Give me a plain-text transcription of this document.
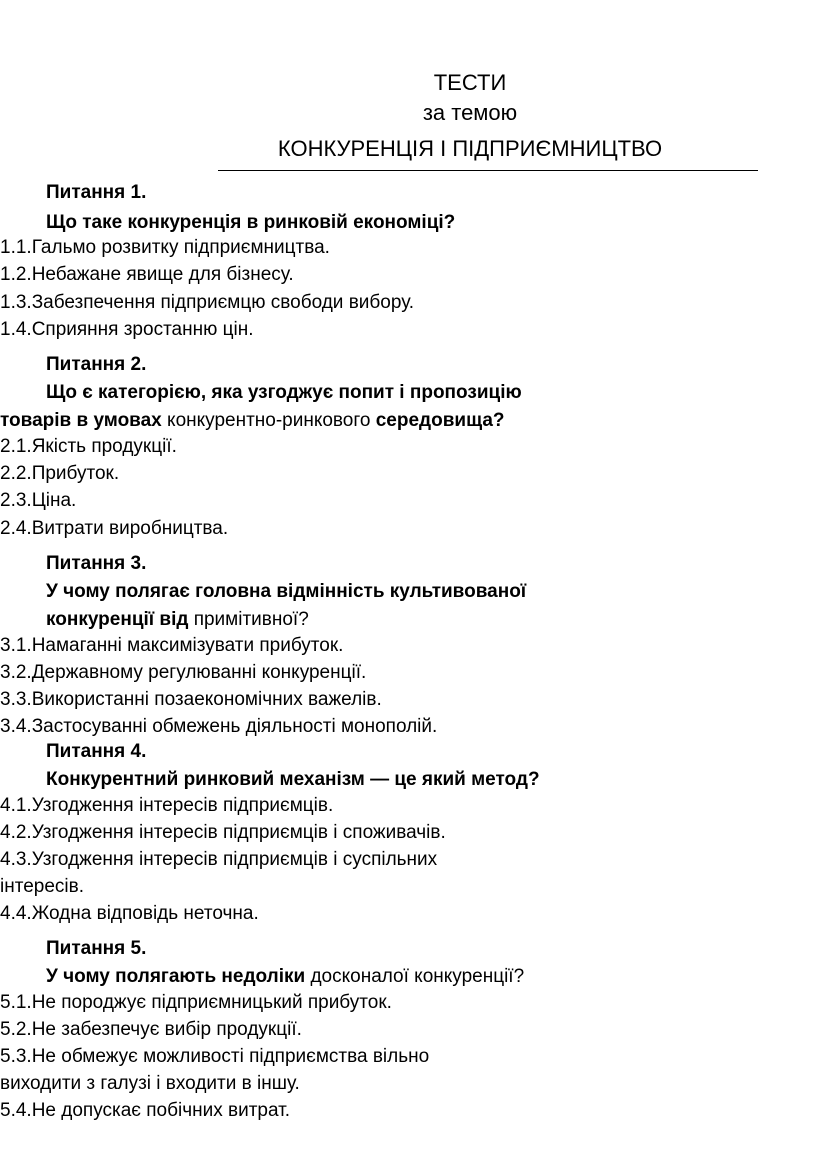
ТЕСТИ
за темою
КОНКУРЕНЦІЯ І ПІДПРИЄМНИЦТВО
Питання 1.
Що таке конкуренція в ринковій економіці?
1.1.Гальмо розвитку підприємництва.
1.2.Небажане явище для бізнесу.
1.3.Забезпечення підприємцю свободи вибору.
1.4.Сприяння зростанню цін.
Питання 2.
Що є категорією, яка узгоджує попит і пропозицію
товарів в умовах конкурентно-ринкового середовища?
2.1.Якість продукції.
2.2.Прибуток.
2.3.Ціна.
2.4.Витрати виробництва.
Питання 3.
У чому полягає головна відмінність культивованої
конкуренції від примітивної?
3.1.Намаганні максимізувати прибуток.
3.2.Державному регулюванні конкуренції.
3.3.Використанні позаекономічних важелів.
3.4.Застосуванні обмежень діяльності монополій.
Питання 4.
Конкурентний ринковий механізм — це який метод?
4.1.Узгодження інтересів підприємців.
4.2.Узгодження інтересів підприємців і споживачів.
4.3.Узгодження інтересів підприємців і суспільних
інтересів.
4.4.Жодна відповідь неточна.
Питання 5.
У чому полягають недоліки досконалої конкуренції?
5.1.Не породжує підприємницький прибуток.
5.2.Не забезпечує вибір продукції.
5.3.Не обмежує можливості підприємства вільно
виходити з галузі і входити в іншу.
5.4.Не допускає побічних витрат.
